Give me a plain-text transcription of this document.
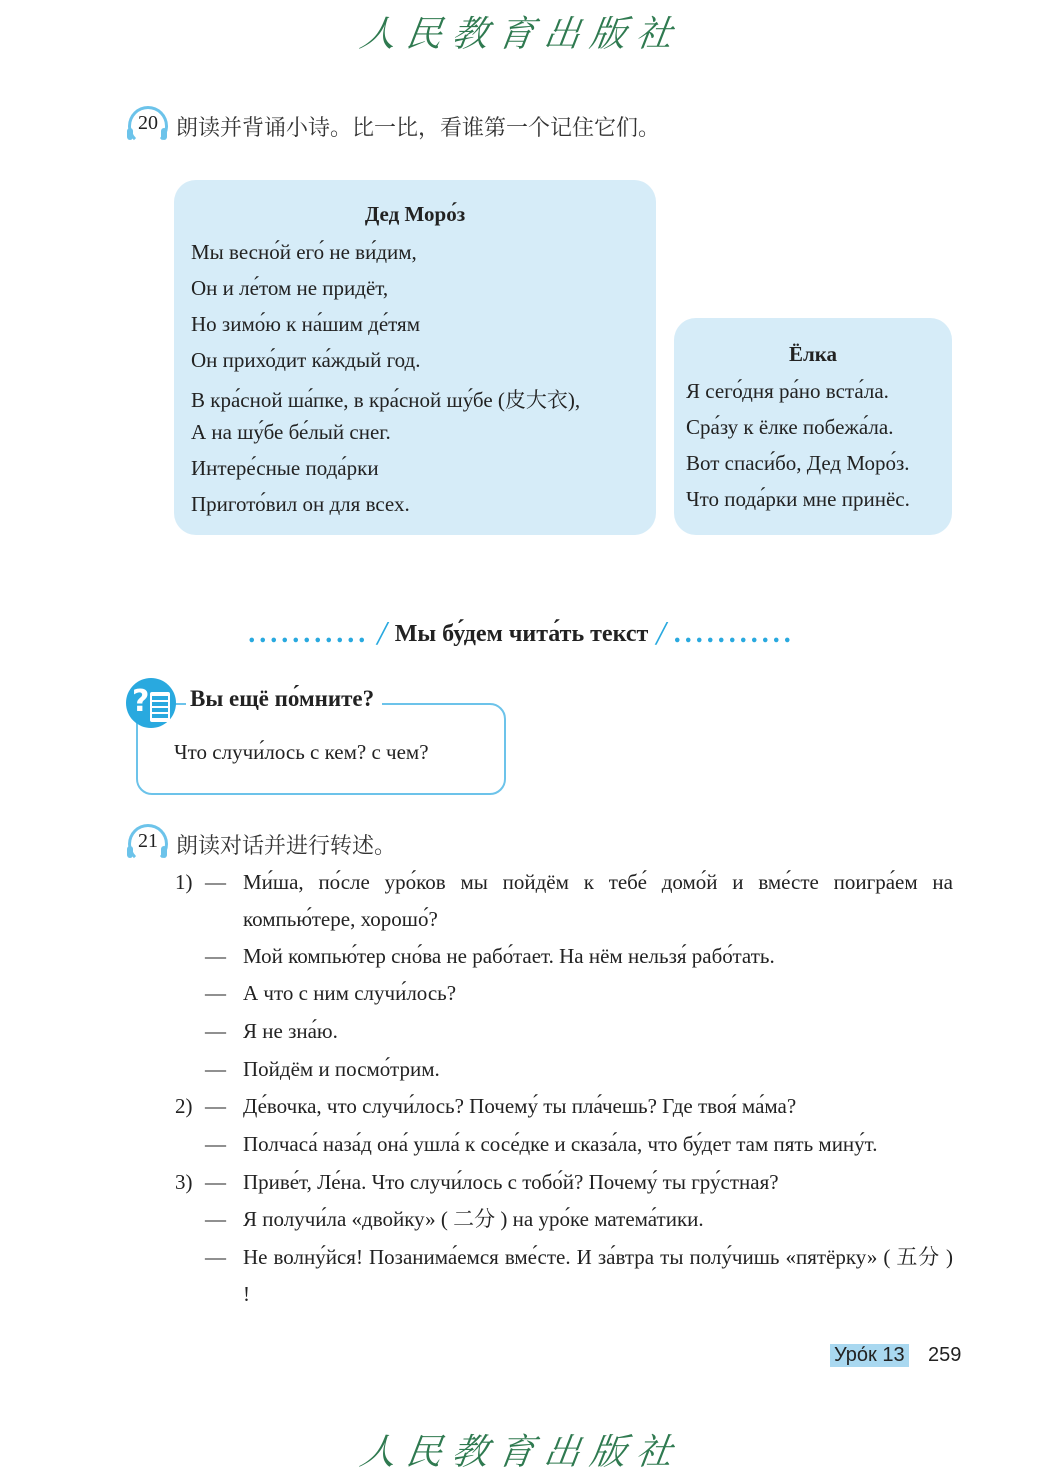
人民教育出版社
20 朗读并背诵小诗。比一比，看谁第一个记住它们。
Дед Моро́з
Мы весно́й его́ не ви́дим,
Он и ле́том не придёт,
Но зимо́ю к на́шим де́тям
Он прихо́дит ка́ждый год.
В кра́сной ша́пке, в кра́сной шу́бе (皮大衣),
А на шу́бе бе́лый снег.
Интере́сные пода́рки
Пригото́вил он для всех.
Ёлка
Я сего́дня ра́но вста́ла.
Сра́зу к ёлке побежа́ла.
Вот спаси́бо, Дед Моро́з.
Что пода́рки мне принёс.
........... / Мы бу́дем чита́ть текст / ...........
? Вы ещё по́мните?
Что случи́лось с кем? с чем?
21 朗读对话并进行转述。
1) — Ми́ша, по́сле уро́ков мы пойдём к тебе́ домо́й и вме́сте поигра́ем на компью́тере, хорошо́?
— Мой компью́тер сно́ва не рабо́тает. На нём нельзя́ рабо́тать.
— А что с ним случи́лось?
— Я не зна́ю.
— Пойдём и посмо́трим.
2) — Де́вочка, что случи́лось? Почему́ ты пла́чешь? Где твоя́ ма́ма?
— Полчаса́ наза́д она́ ушла́ к сосе́дке и сказа́ла, что бу́дет там пять мину́т.
3) — Приве́т, Ле́на. Что случи́лось с тобо́й? Почему́ ты гру́стная?
— Я получи́ла «двойку» ( 二分 ) на уро́ке матема́тики.
— Не волну́йся! Позанима́емся вме́сте. И за́втра ты полу́чишь «пятёрку» ( 五分 ) !
Уро́к 13 259
人民教育出版社
